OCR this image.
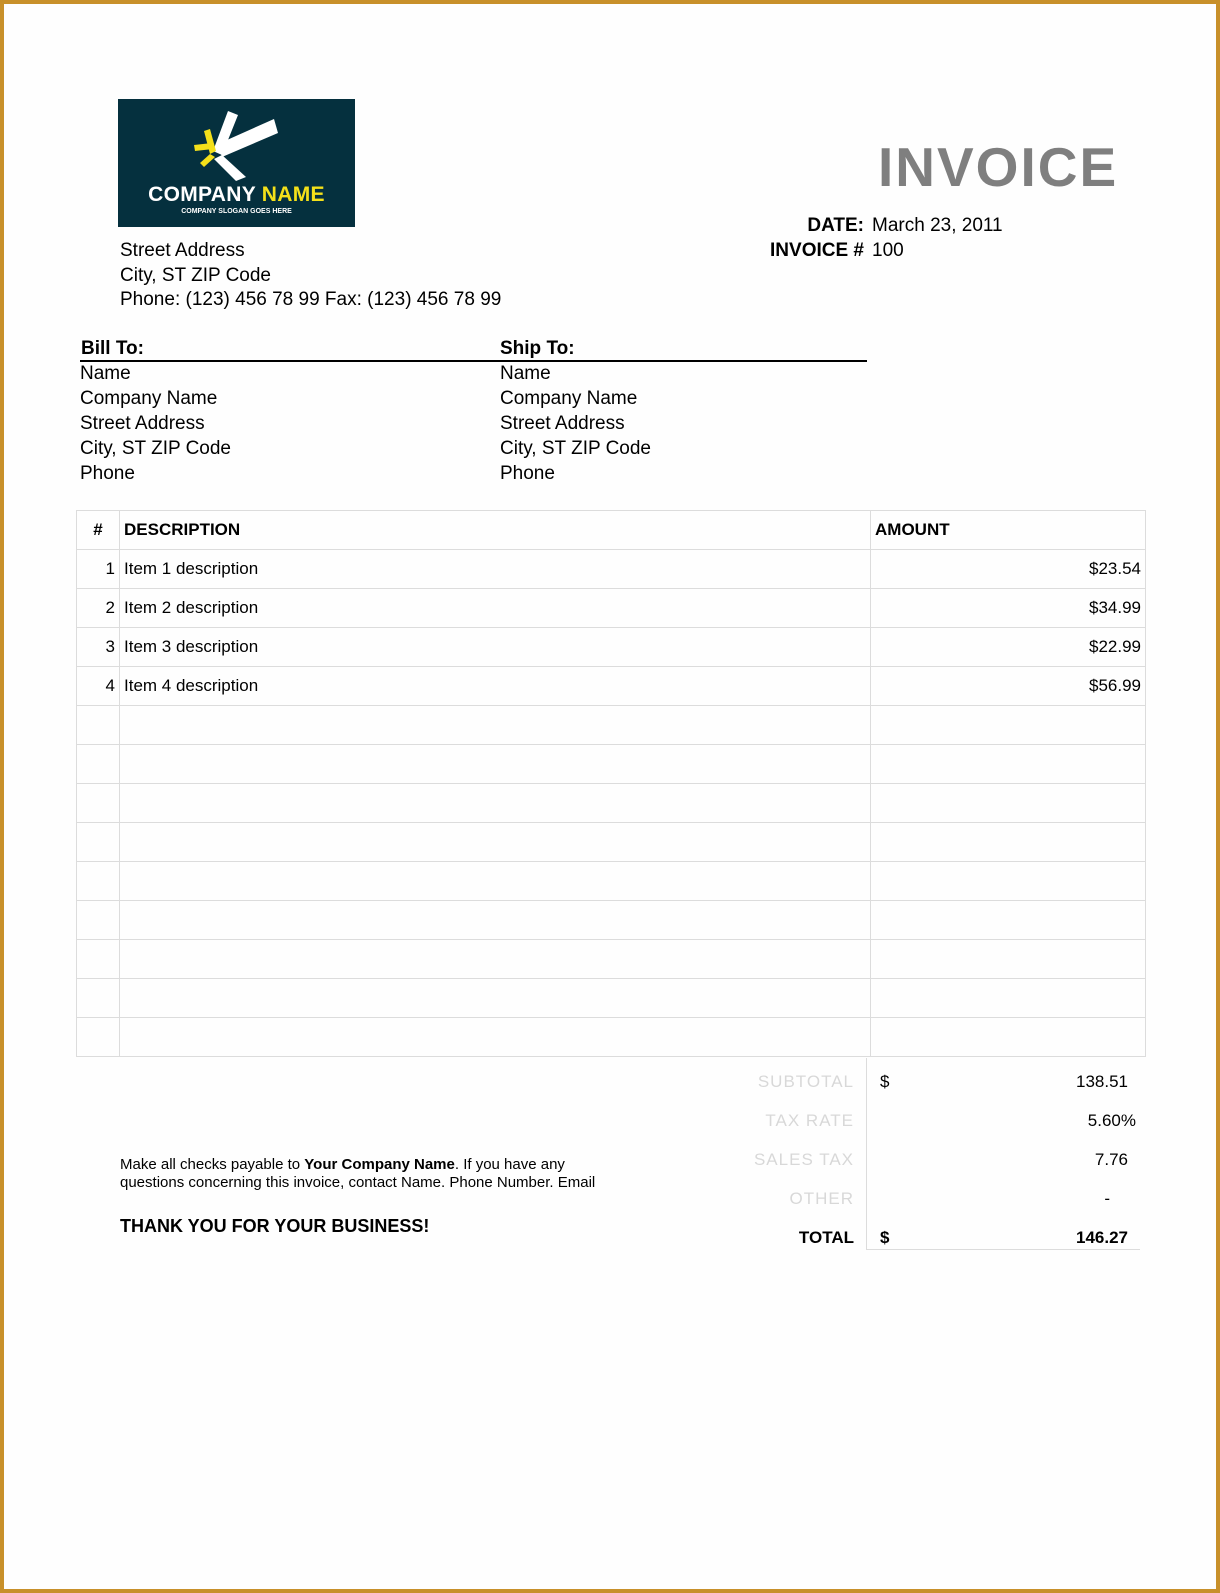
COMPANY NAME
COMPANY SLOGAN GOES HERE
INVOICE
DATE: March 23, 2011
INVOICE # 100
Street Address
City, ST ZIP Code
Phone: (123) 456 78 99 Fax: (123) 456 78 99
Bill To:	Ship To:
Name
Company Name
Street Address
City, ST ZIP Code
Phone
Name
Company Name
Street Address
City, ST ZIP Code
Phone
#	DESCRIPTION	AMOUNT
1	Item 1 description	$23.54
2	Item 2 description	$34.99
3	Item 3 description	$22.99
4	Item 4 description	$56.99

SUBTOTAL $	138.51
TAX RATE	5.60%
SALES TAX	7.76
OTHER	-
TOTAL $	146.27
Make all checks payable to Your Company Name. If you have any
questions concerning this invoice, contact Name. Phone Number. Email
THANK YOU FOR YOUR BUSINESS!
